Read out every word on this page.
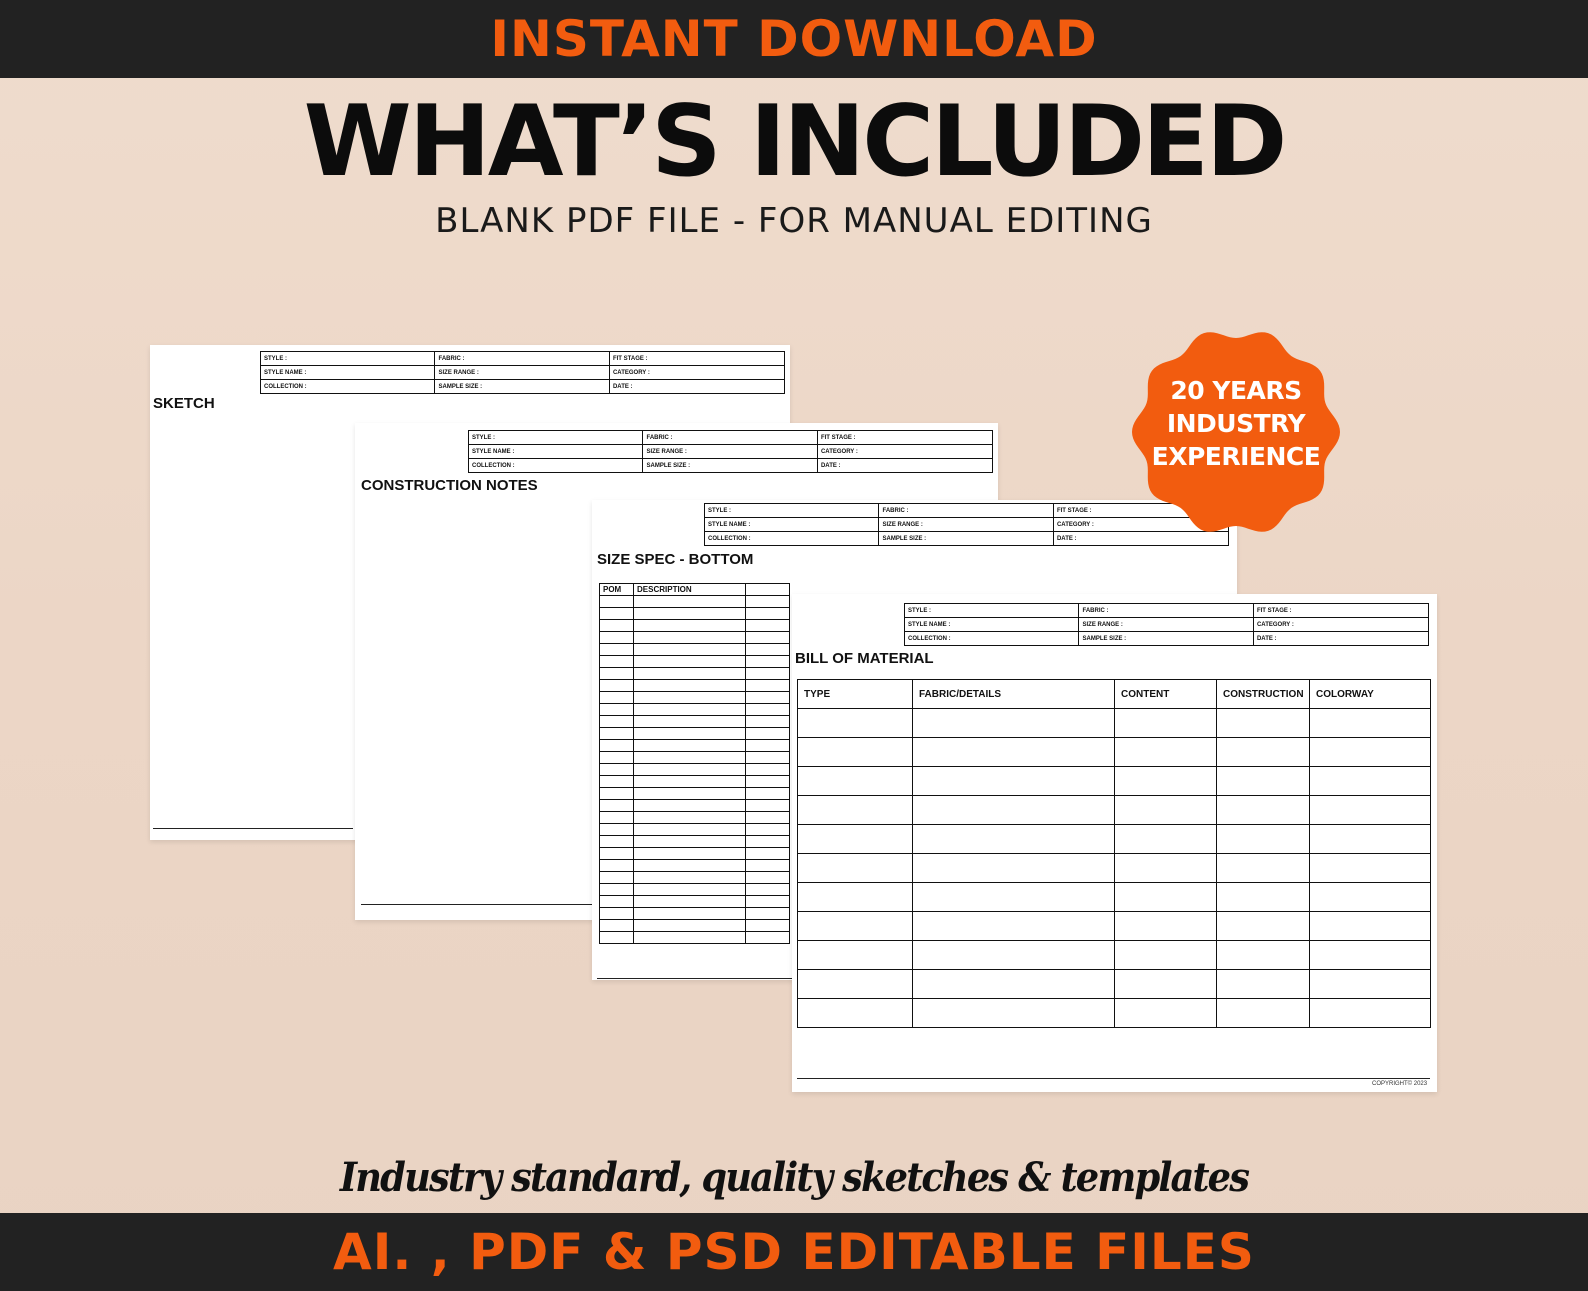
INSTANT DOWNLOAD
WHAT’S INCLUDED
BLANK PDF FILE - FOR MANUAL EDITING
STYLE :	FABRIC :	FIT STAGE :
STYLE NAME :	SIZE RANGE :	CATEGORY :
COLLECTION :	SAMPLE SIZE :	DATE :
SKETCH
STYLE :	FABRIC :	FIT STAGE :
STYLE NAME :	SIZE RANGE :	CATEGORY :
COLLECTION :	SAMPLE SIZE :	DATE :
CONSTRUCTION NOTES
STYLE :	FABRIC :	FIT STAGE :
STYLE NAME :	SIZE RANGE :	CATEGORY :
COLLECTION :	SAMPLE SIZE :	DATE :
SIZE SPEC - BOTTOM
POM	DESCRIPTION	

STYLE :	FABRIC :	FIT STAGE :
STYLE NAME :	SIZE RANGE :	CATEGORY :
COLLECTION :	SAMPLE SIZE :	DATE :
BILL OF MATERIAL
TYPE	FABRIC/DETAILS	CONTENT	CONSTRUCTION	COLORWAY

COPYRIGHT© 2023
20 YEARS
INDUSTRY
EXPERIENCE
Industry standard, quality sketches & templates
AI. , PDF & PSD EDITABLE FILES
